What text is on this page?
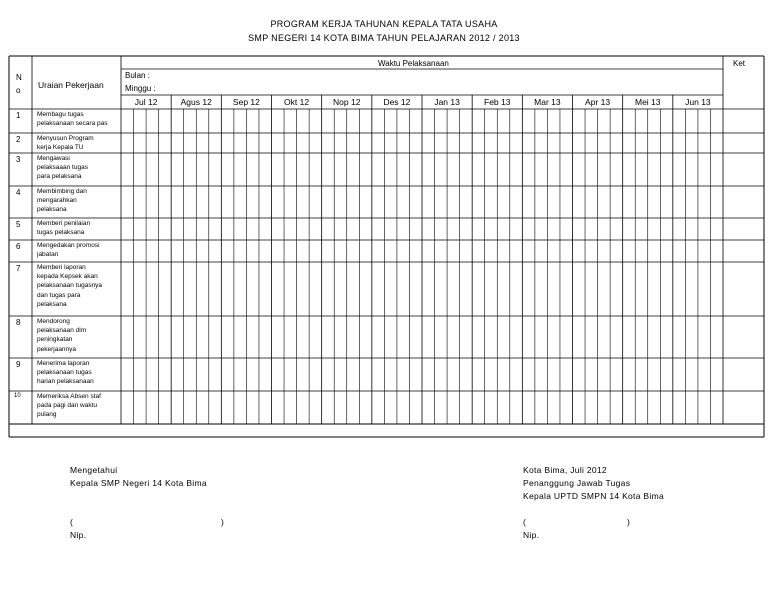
PROGRAM KERJA TAHUNAN KEPALA TATA USAHA
SMP NEGERI 14 KOTA BIMA TAHUN PELAJARAN 2012 / 2013
N
o
Uraian Pekerjaan
Waktu Pelaksanaan	Ket
Bulan :
Minggu :
Jul 12	Agus 12	Sep 12	Okt 12	Nop 12	Des 12	Jan 13	Feb 13	Mar 13	Apr 13	Mei 13	Jun 13
1	Membagu tugas
pelaksanaan secara pas
2	Menyusun Program
kerja Kepala TU
3	Mengawasi
pelaksaaan tugas
para pelaksana
4	Membimbing dan
mengarahkan
pelaksana
5	Memberi penilaian
tugas pelaksana
6	Mengedakan promosi
jabatan
7	Memberi laporan
kepada Kepsek akan
pelaksanaan tugasnya
dan tugas para
pelaksana
8	Mendorong
pelaksanaan dlm
peningkatan
pekerjaannya
9	Menerima laporan
pelaksanaan tugas
harian pelaksanaan
10	Memeriksa Absen staf
pada pagi dan waktu
pulang
Mengetahui
Kepala SMP Negeri 14 Kota Bima
(	)
Nip.
Kota Bima, Juli 2012
Penanggung Jawab Tugas
Kepala UPTD SMPN 14 Kota Bima
(	)
Nip.
